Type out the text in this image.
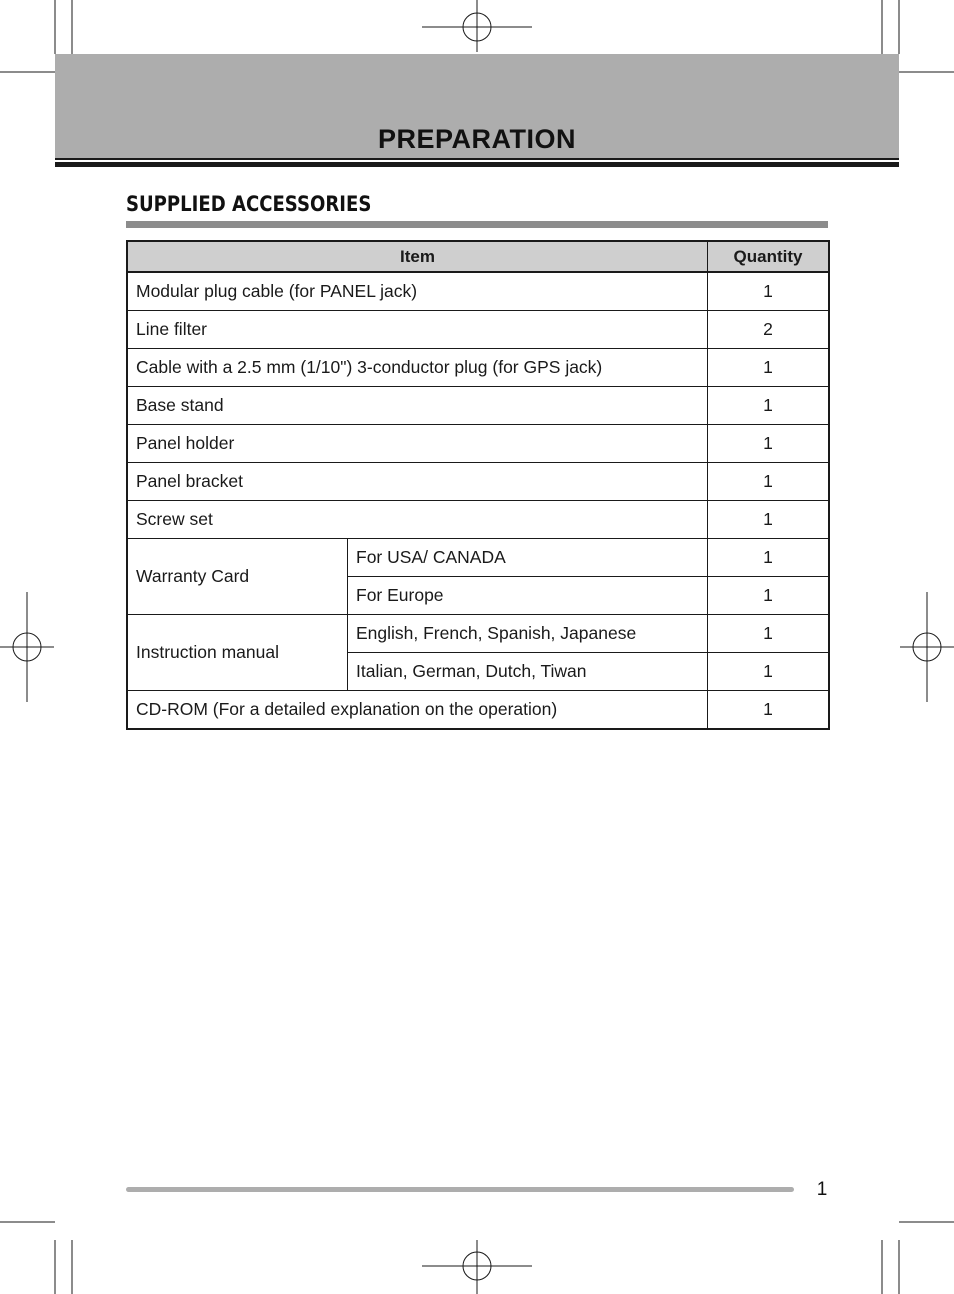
PREPARATION
SUPPLIED ACCESSORIES
Item		Quantity
Modular plug cable (for PANEL jack)		1
Line filter		2
Cable with a 2.5 mm (1/10") 3-conductor plug (for GPS jack)		1
Base stand		1
Panel holder		1
Panel bracket		1
Screw set		1
Warranty Card	For USA/ CANADA	1
	For Europe	1
Instruction manual	English, French, Spanish, Japanese	1
	Italian, German, Dutch, Tiwan	1
CD-ROM (For a detailed explanation on the operation)		1
1
